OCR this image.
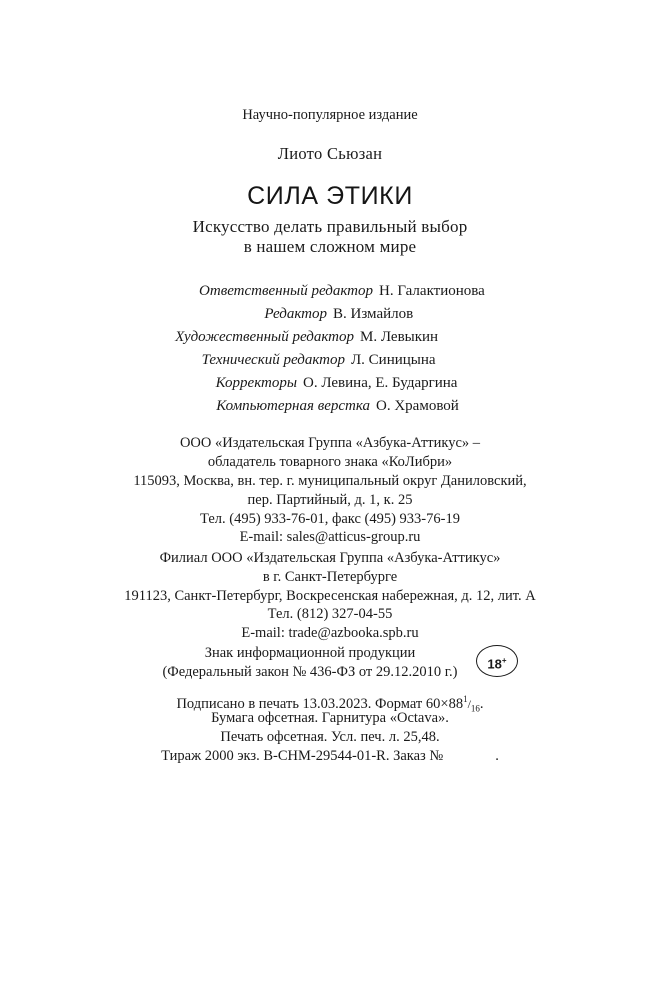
Научно-популярное издание
Лиото Сьюзан
СИЛА ЭТИКИ
Искусство делать правильный выбор
в нашем сложном мире
Ответственный редактор Н. Галактионова
Редактор В. Измайлов
Художественный редактор М. Левыкин
Технический редактор Л. Синицына
Корректоры О. Левина, Е. Бударгина
Компьютерная верстка О. Храмовой
ООО «Издательская Группа «Азбука-Аттикус» –
обладатель товарного знака «КоЛибри»
115093, Москва, вн. тер. г. муниципальный округ Даниловский,
пер. Партийный, д. 1, к. 25
Тел. (495) 933-76-01, факс (495) 933-76-19
E-mail: sales@atticus-group.ru
Филиал ООО «Издательская Группа «Азбука-Аттикус»
в г. Санкт-Петербурге
191123, Санкт-Петербург, Воскресенская набережная, д. 12, лит. А
Тел. (812) 327-04-55
E-mail: trade@azbooka.spb.ru
Знак информационной продукции
(Федеральный закон № 436-ФЗ от 29.12.2010 г.)
18+
Подписано в печать 13.03.2023. Формат $60\times 88^1/_{16}$.
Бумага офсетная. Гарнитура «Octava».
Печать офсетная. Усл. печ. л. 25,48.
Тираж 2000 экз. В-СНМ-29544-01-R. Заказ №	.
